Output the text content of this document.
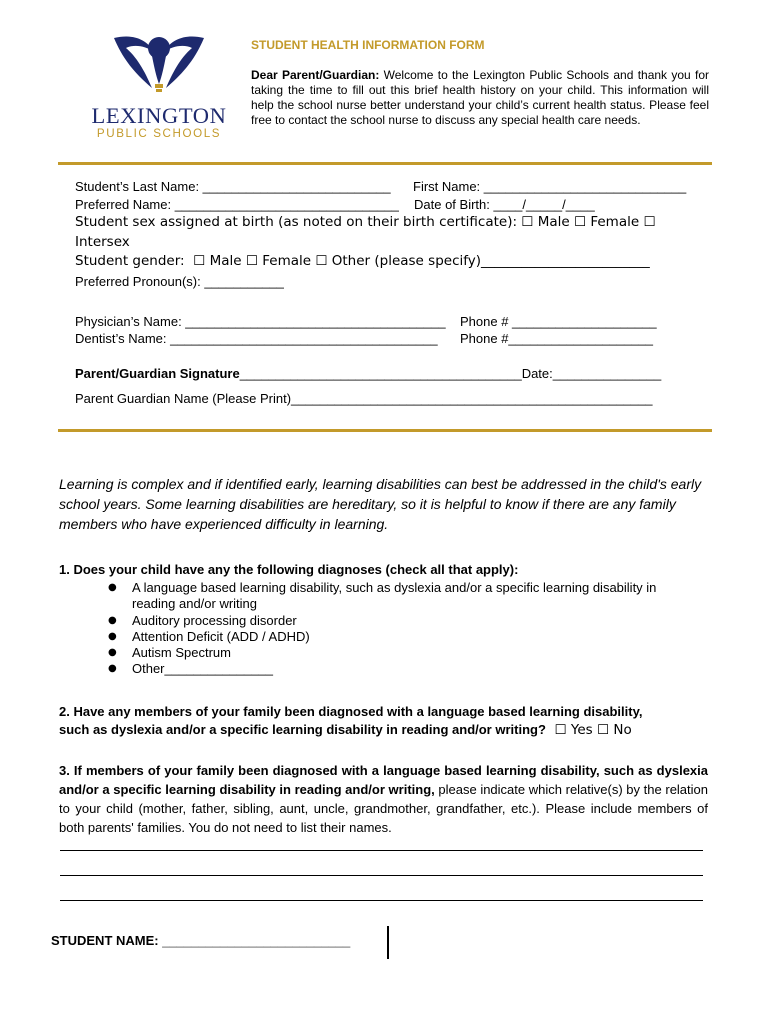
LEXINGTON
PUBLIC SCHOOLS
STUDENT HEALTH INFORMATION FORM
Dear Parent/Guardian: Welcome to the Lexington Public Schools and thank you for taking the time to fill out this brief health history on your child. This information will help the school nurse better understand your child’s current health status. Please feel free to contact the school nurse to discuss any special health care needs.
Student’s Last Name: __________________________ First Name: ____________________________
Preferred Name: _______________________________ Date of Birth: ____/_____/____
Student sex assigned at birth (as noted on their birth certificate): ☐ Male ☐ Female ☐
Intersex
Student gender:  ☐ Male ☐ Female ☐ Other (please specify)_________________________
Preferred Pronoun(s): ___________
Physician’s Name: ____________________________________ Phone # ____________________
Dentist’s Name: _____________________________________ Phone #____________________
Parent/Guardian Signature_______________________________________Date:_______________
Parent Guardian Name (Please Print)__________________________________________________
Learning is complex and if identified early, learning disabilities can best be addressed in the child's early school years. Some learning disabilities are hereditary, so it is helpful to know if there are any family members who have experienced difficulty in learning.
1. Does your child have any the following diagnoses (check all that apply):
● A language based learning disability, such as dyslexia and/or a specific learning disability in reading and/or writing
● Auditory processing disorder
● Attention Deficit (ADD / ADHD)
● Autism Spectrum
● Other_______________
2. Have any members of your family been diagnosed with a language based learning disability,
such as dyslexia and/or a specific learning disability in reading and/or writing? ☐ Yes ☐ No
3. If members of your family been diagnosed with a language based learning disability, such as dyslexia and/or a specific learning disability in reading and/or writing, please indicate which relative(s) by the relation to your child (mother, father, sibling, aunt, uncle, grandmother, grandfather, etc.). Please include members of both parents' families. You do not need to list their names.
STUDENT NAME: __________________________
